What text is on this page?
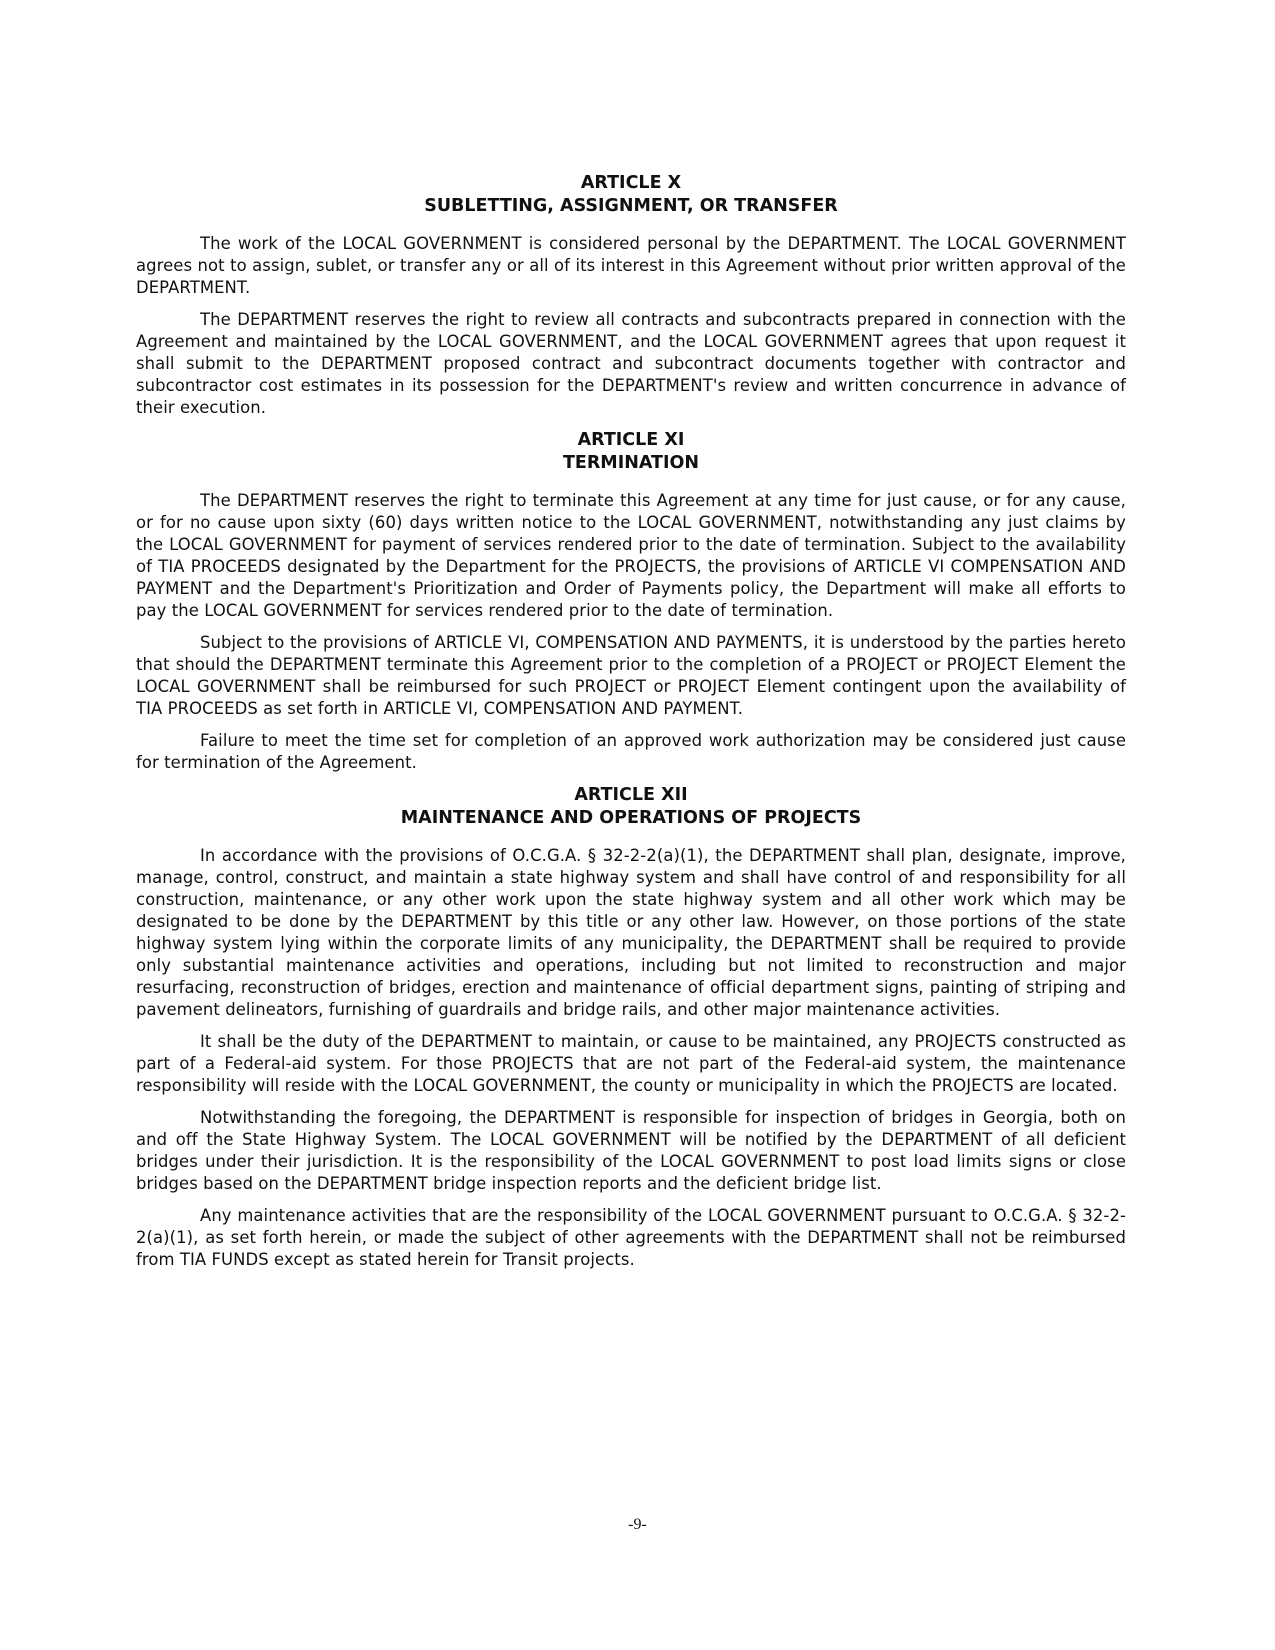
ARTICLE X
SUBLETTING, ASSIGNMENT, OR TRANSFER

The work of the LOCAL GOVERNMENT is considered personal by the DEPARTMENT. The LOCAL GOVERNMENT agrees not to assign, sublet, or transfer any or all of its interest in this Agreement without prior written approval of the DEPARTMENT.

The DEPARTMENT reserves the right to review all contracts and subcontracts prepared in connection with the Agreement and maintained by the LOCAL GOVERNMENT, and the LOCAL GOVERNMENT agrees that upon request it shall submit to the DEPARTMENT proposed contract and subcontract documents together with contractor and subcontractor cost estimates in its possession for the DEPARTMENT's review and written concurrence in advance of their execution.

ARTICLE XI
TERMINATION

The DEPARTMENT reserves the right to terminate this Agreement at any time for just cause, or for any cause, or for no cause upon sixty (60) days written notice to the LOCAL GOVERNMENT, notwithstanding any just claims by the LOCAL GOVERNMENT for payment of services rendered prior to the date of termination. Subject to the availability of TIA PROCEEDS designated by the Department for the PROJECTS, the provisions of ARTICLE VI COMPENSATION AND PAYMENT and the Department's Prioritization and Order of Payments policy, the Department will make all efforts to pay the LOCAL GOVERNMENT for services rendered prior to the date of termination.

Subject to the provisions of ARTICLE VI, COMPENSATION AND PAYMENTS, it is understood by the parties hereto that should the DEPARTMENT terminate this Agreement prior to the completion of a PROJECT or PROJECT Element the LOCAL GOVERNMENT shall be reimbursed for such PROJECT or PROJECT Element contingent upon the availability of TIA PROCEEDS as set forth in ARTICLE VI, COMPENSATION AND PAYMENT.

Failure to meet the time set for completion of an approved work authorization may be considered just cause for termination of the Agreement.

ARTICLE XII
MAINTENANCE AND OPERATIONS OF PROJECTS

In accordance with the provisions of O.C.G.A. § 32-2-2(a)(1), the DEPARTMENT shall plan, designate, improve, manage, control, construct, and maintain a state highway system and shall have control of and responsibility for all construction, maintenance, or any other work upon the state highway system and all other work which may be designated to be done by the DEPARTMENT by this title or any other law. However, on those portions of the state highway system lying within the corporate limits of any municipality, the DEPARTMENT shall be required to provide only substantial maintenance activities and operations, including but not limited to reconstruction and major resurfacing, reconstruction of bridges, erection and maintenance of official department signs, painting of striping and pavement delineators, furnishing of guardrails and bridge rails, and other major maintenance activities.

It shall be the duty of the DEPARTMENT to maintain, or cause to be maintained, any PROJECTS constructed as part of a Federal-aid system. For those PROJECTS that are not part of the Federal-aid system, the maintenance responsibility will reside with the LOCAL GOVERNMENT, the county or municipality in which the PROJECTS are located.

Notwithstanding the foregoing, the DEPARTMENT is responsible for inspection of bridges in Georgia, both on and off the State Highway System. The LOCAL GOVERNMENT will be notified by the DEPARTMENT of all deficient bridges under their jurisdiction. It is the responsibility of the LOCAL GOVERNMENT to post load limits signs or close bridges based on the DEPARTMENT bridge inspection reports and the deficient bridge list.

Any maintenance activities that are the responsibility of the LOCAL GOVERNMENT pursuant to O.C.G.A. § 32-2-2(a)(1), as set forth herein, or made the subject of other agreements with the DEPARTMENT shall not be reimbursed from TIA FUNDS except as stated herein for Transit projects.

-9-
